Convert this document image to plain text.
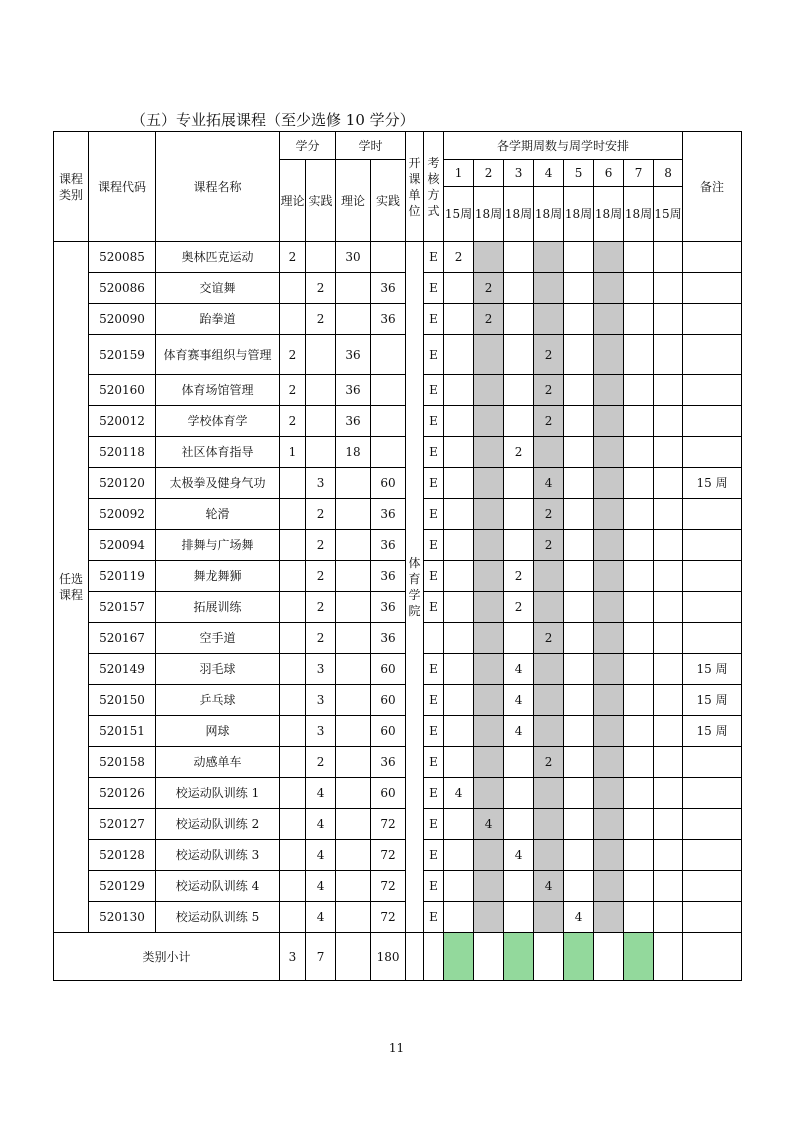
（五）专业拓展课程（至少选修 10 学分）
课程类别	课程代码	课程名称	学分		学时		开课单位	考核方式	各学期周数与周学时安排								备注
			理论	实践	理论	实践			1	2	3	4	5	6	7	8	
									15周	18周	18周	18周	18周	18周	18周	15周	
任选课程	520085	奥林匹克运动	2		30		体育学院	E	2								
	520086	交谊舞		2		36		E		2							
	520090	跆拳道		2		36		E		2							
	520159	体育赛事组织与管理	2		36			E				2					
	520160	体育场馆管理	2		36			E				2					
	520012	学校体育学	2		36			E				2					
	520118	社区体育指导	1		18			E			2						
	520120	太极拳及健身气功		3		60		E				4					15 周
	520092	轮滑		2		36		E				2					
	520094	排舞与广场舞		2		36		E				2					
	520119	舞龙舞狮		2		36		E			2						
	520157	拓展训练		2		36		E			2						
	520167	空手道		2		36						2					
	520149	羽毛球		3		60		E			4						15 周
	520150	乒乓球		3		60		E			4						15 周
	520151	网球		3		60		E			4						15 周
	520158	动感单车		2		36		E				2					
	520126	校运动队训练 1		4		60		E	4								
	520127	校运动队训练 2		4		72		E		4							
	520128	校运动队训练 3		4		72		E			4						
	520129	校运动队训练 4		4		72		E				4					
	520130	校运动队训练 5		4		72		E					4				
类别小计			3	7		180											
11
